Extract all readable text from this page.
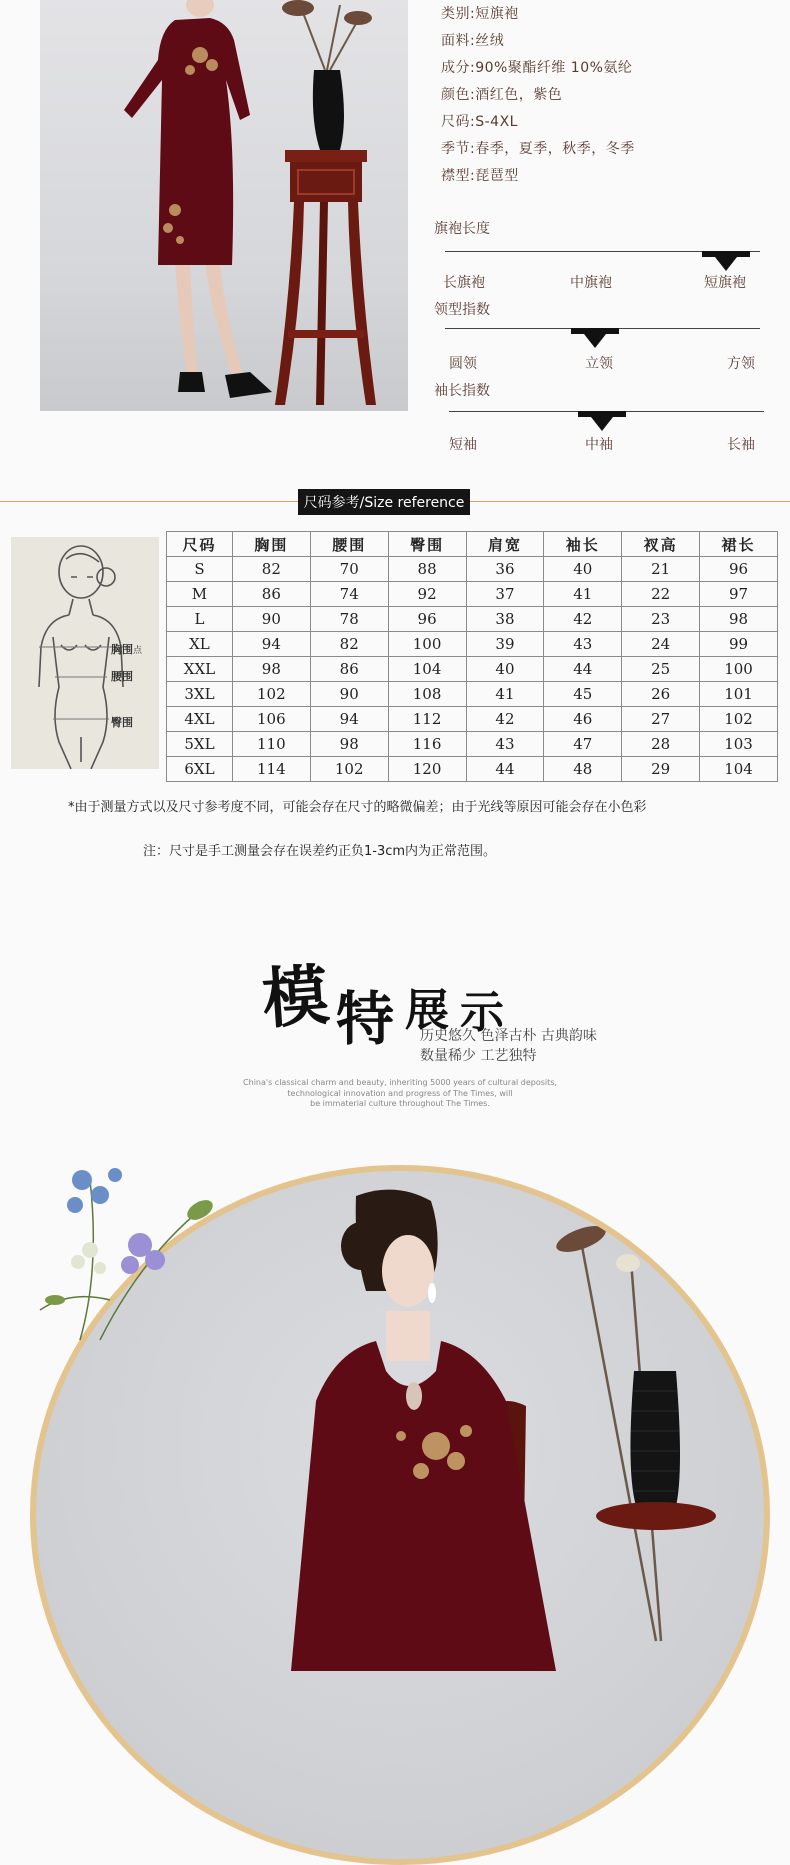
类别:短旗袍
面料:丝绒
成分:90%聚酯纤维 10%氨纶
颜色:酒红色，紫色
尺码:S-4XL
季节:春季，夏季，秋季，冬季
襟型:琵琶型
旗袍长度
长旗袍	中旗袍	短旗袍
领型指数
圆领	立领	方领
袖长指数
短袖	中袖	长袖
尺码参考/Size reference
胸围点
腰围
臀围
尺码	胸围	腰围	臀围	肩宽	袖长	衩高	裙长
S	82	70	88	36	40	21	96
M	86	74	92	37	41	22	97
L	90	78	96	38	42	23	98
XL	94	82	100	39	43	24	99
XXL	98	86	104	40	44	25	100
3XL	102	90	108	41	45	26	101
4XL	106	94	112	42	46	27	102
5XL	110	98	116	43	47	28	103
6XL	114	102	120	44	48	29	104
*由于测量方式以及尺寸参考度不同，可能会存在尺寸的略微偏差；由于光线等原因可能会存在小色彩
注：尺寸是手工测量会存在误差约正负1-3cm内为正常范围。
模 特 展 示
历史悠久 色泽古朴 古典韵味
数量稀少 工艺独特
China's classical charm and beauty, inheriting 5000 years of cultural deposits,
technological innovation and progress of The Times, will
be immaterial culture throughout The Times.
